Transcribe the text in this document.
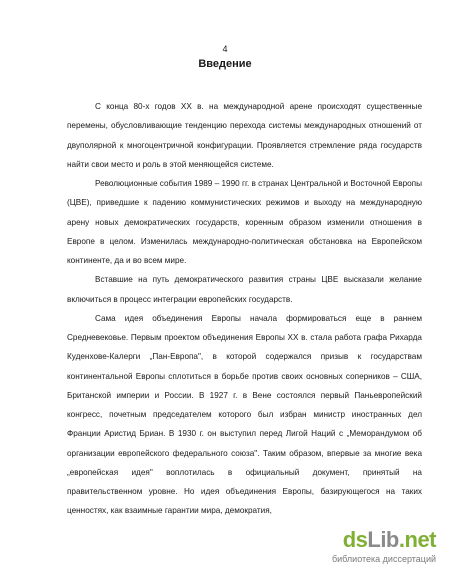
4
Введение

С конца 80-х годов XX в. на международной арене происходят существенные перемены, обусловливающие тенденцию перехода системы международных отношений от двуполярной к многоцентричной конфигурации. Проявляется стремление ряда государств найти свои место и роль в этой меняющейся системе.

Революционные события 1989 – 1990 гг. в странах Центральной и Восточной Европы (ЦВЕ), приведшие к падению коммунистических режимов и выходу на международную арену новых демократических государств, коренным образом изменили отношения в Европе в целом. Изменилась международно-политическая обстановка на Европейском континенте, да и во всем мире.

Вставшие на путь демократического развития страны ЦВЕ высказали желание включиться в процесс интеграции европейских государств.

Сама идея объединения Европы начала формироваться еще в раннем Средневековье. Первым проектом объединения Европы XX в. стала работа графа Рихарда Куденхове-Калерги „Пан-Европа", в которой содержался призыв к государствам континентальной Европы сплотиться в борьбе против своих основных соперников – США, Британской империи и России. В 1927 г. в Вене состоялся первый Паньевропейский конгресс, почетным председателем которого был избран министр иностранных дел Франции Аристид Бриан. В 1930 г. он выступил перед Лигой Наций с „Меморандумом об организации европейского федерального союза". Таким образом, впервые за многие века „европейская идея" воплотилась в официальный документ, принятый на правительственном уровне. Но идея объединения Европы, базирующегося на таких ценностях, как взаимные гарантии мира, демократия,

dsLib.net
библиотека диссертаций
